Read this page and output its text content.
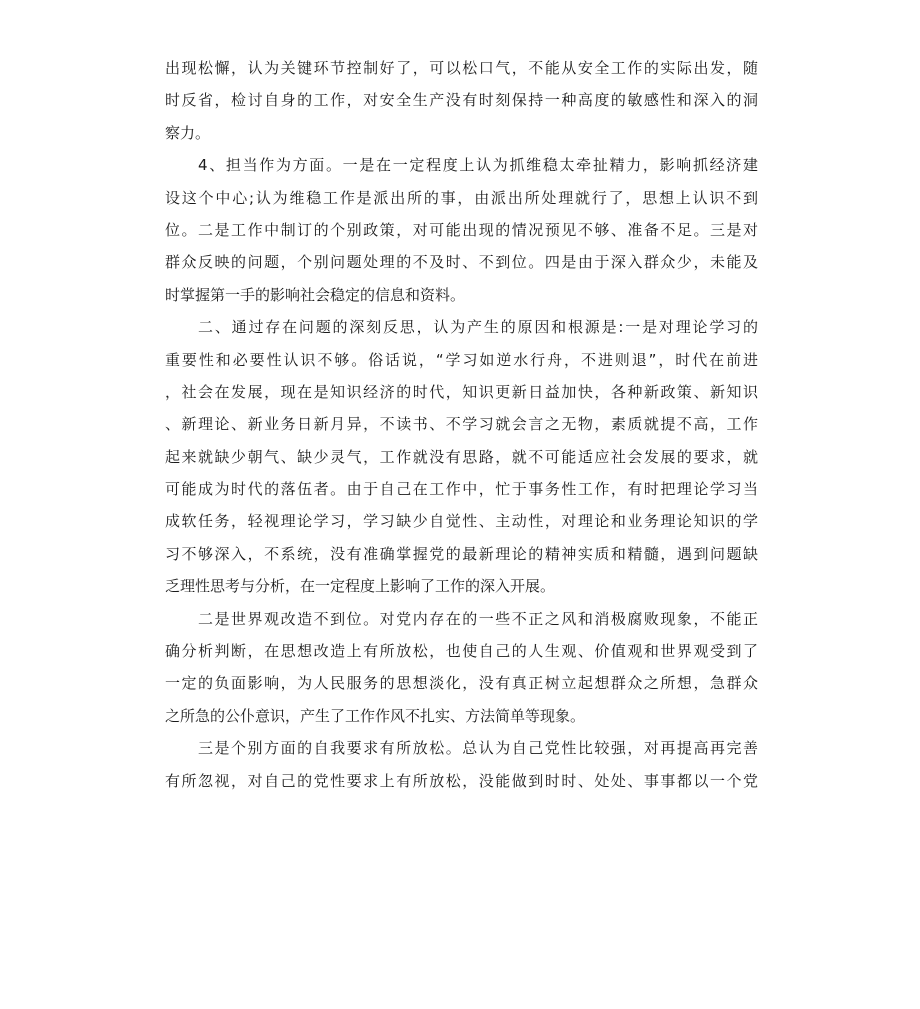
出现松懈，认为关键环节控制好了，可以松口气，不能从安全工作的实际出发，随
时反省，检讨自身的工作，对安全生产没有时刻保持一种高度的敏感性和深入的洞
察力。
4、担当作为方面。一是在一定程度上认为抓维稳太牵扯精力，影响抓经济建
设这个中心;认为维稳工作是派出所的事，由派出所处理就行了，思想上认识不到
位。二是工作中制订的个别政策，对可能出现的情况预见不够、准备不足。三是对
群众反映的问题，个别问题处理的不及时、不到位。四是由于深入群众少，未能及
时掌握第一手的影响社会稳定的信息和资料。
二、通过存在问题的深刻反思，认为产生的原因和根源是:一是对理论学习的
重要性和必要性认识不够。俗话说，“学习如逆水行舟，不进则退”，时代在前进
，社会在发展，现在是知识经济的时代，知识更新日益加快，各种新政策、新知识
、新理论、新业务日新月异，不读书、不学习就会言之无物，素质就提不高，工作
起来就缺少朝气、缺少灵气，工作就没有思路，就不可能适应社会发展的要求，就
可能成为时代的落伍者。由于自己在工作中，忙于事务性工作，有时把理论学习当
成软任务，轻视理论学习，学习缺少自觉性、主动性，对理论和业务理论知识的学
习不够深入，不系统，没有准确掌握党的最新理论的精神实质和精髓，遇到问题缺
乏理性思考与分析，在一定程度上影响了工作的深入开展。
二是世界观改造不到位。对党内存在的一些不正之风和消极腐败现象，不能正
确分析判断，在思想改造上有所放松，也使自己的人生观、价值观和世界观受到了
一定的负面影响，为人民服务的思想淡化，没有真正树立起想群众之所想，急群众
之所急的公仆意识，产生了工作作风不扎实、方法简单等现象。
三是个别方面的自我要求有所放松。总认为自己党性比较强，对再提高再完善
有所忽视，对自己的党性要求上有所放松，没能做到时时、处处、事事都以一个党
